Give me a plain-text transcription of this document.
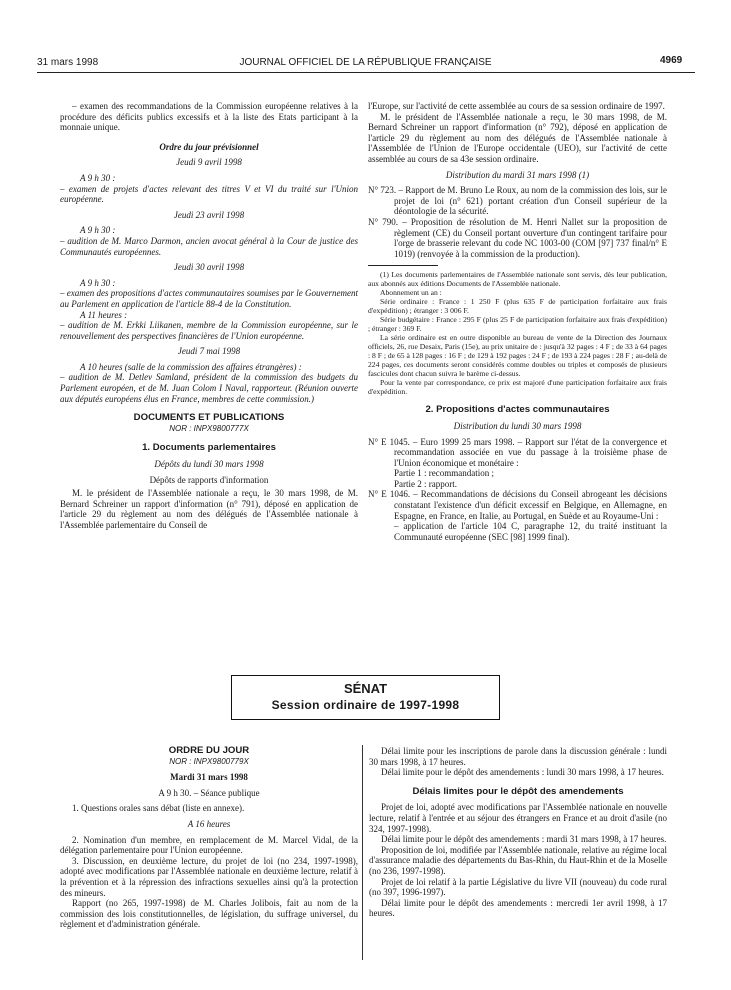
31 mars 1998	JOURNAL OFFICIEL DE LA RÉPUBLIQUE FRANÇAISE	4969

– examen des recommandations de la Commission européenne relatives à la procédure des déficits publics excessifs et à la liste des Etats participant à la monnaie unique.

Ordre du jour prévisionnel

Jeudi 9 avril 1998

A 9 h 30 :

– examen de projets d'actes relevant des titres V et VI du traité sur l'Union européenne.

Jeudi 23 avril 1998

A 9 h 30 :

– audition de M. Marco Darmon, ancien avocat général à la Cour de justice des Communautés européennes.

Jeudi 30 avril 1998

A 9 h 30 :

– examen des propositions d'actes communautaires soumises par le Gouvernement au Parlement en application de l'article 88-4 de la Constitution.

A 11 heures :

– audition de M. Erkki Liikanen, membre de la Commission européenne, sur le renouvellement des perspectives financières de l'Union européenne.

Jeudi 7 mai 1998

A 10 heures (salle de la commission des affaires étrangères) :

– audition de M. Detlev Samland, président de la commission des budgets du Parlement européen, et de M. Juan Colom I Naval, rapporteur. (Réunion ouverte aux députés européens élus en France, membres de cette commission.)

DOCUMENTS ET PUBLICATIONS

NOR : INPX9800777X

1. Documents parlementaires

Dépôts du lundi 30 mars 1998

Dépôts de rapports d'information

M. le président de l'Assemblée nationale a reçu, le 30 mars 1998, de M. Bernard Schreiner un rapport d'information (n° 791), déposé en application de l'article 29 du règlement au nom des délégués de l'Assemblée nationale à l'Assemblée parlementaire du Conseil de

l'Europe, sur l'activité de cette assemblée au cours de sa session ordinaire de 1997.

M. le président de l'Assemblée nationale a reçu, le 30 mars 1998, de M. Bernard Schreiner un rapport d'information (n° 792), déposé en application de l'article 29 du règlement au nom des délégués de l'Assemblée nationale à l'Assemblée de l'Union de l'Europe occidentale (UEO), sur l'activité de cette assemblée au cours de sa 43e session ordinaire.

Distribution du mardi 31 mars 1998 (1)

N° 723. – Rapport de M. Bruno Le Roux, au nom de la commission des lois, sur le projet de loi (n° 621) portant création d'un Conseil supérieur de la déontologie de la sécurité.

N° 790. – Proposition de résolution de M. Henri Nallet sur la proposition de règlement (CE) du Conseil portant ouverture d'un contingent tarifaire pour l'orge de brasserie relevant du code NC 1003-00 (COM [97] 737 final/n° E 1019) (renvoyée à la commission de la production).

(1) Les documents parlementaires de l'Assemblée nationale sont servis, dès leur publication, aux abonnés aux éditions Documents de l'Assemblée nationale.

Abonnement un an :

Série ordinaire : France : 1 250 F (plus 635 F de participation forfaitaire aux frais d'expédition) ; étranger : 3 006 F.

Série budgétaire : France : 295 F (plus 25 F de participation forfaitaire aux frais d'expédition) ; étranger : 369 F.

La série ordinaire est en outre disponible au bureau de vente de la Direction des Journaux officiels, 26, rue Desaix, Paris (15e), au prix unitaire de : jusqu'à 32 pages : 4 F ; de 33 à 64 pages : 8 F ; de 65 à 128 pages : 16 F ; de 129 à 192 pages : 24 F ; de 193 à 224 pages : 28 F ; au-delà de 224 pages, ces documents seront considérés comme doubles ou triples et composés de plusieurs fascicules dont chacun suivra le barème ci-dessus.

Pour la vente par correspondance, ce prix est majoré d'une participation forfaitaire aux frais d'expédition.

2. Propositions d'actes communautaires

Distribution du lundi 30 mars 1998

N° E 1045. – Euro 1999 25 mars 1998. – Rapport sur l'état de la convergence et recommandation associée en vue du passage à la troisième phase de l'Union économique et monétaire :

Partie 1 : recommandation ;

Partie 2 : rapport.

N° E 1046. – Recommandations de décisions du Conseil abrogeant les décisions constatant l'existence d'un déficit excessif en Belgique, en Allemagne, en Espagne, en France, en Italie, au Portugal, en Suède et au Royaume-Uni :

– application de l'article 104 C, paragraphe 12, du traité instituant la Communauté européenne (SEC [98] 1999 final).

SÉNAT
Session ordinaire de 1997-1998

ORDRE DU JOUR

NOR : INPX9800779X

Mardi 31 mars 1998

A 9 h 30. – Séance publique

1. Questions orales sans débat (liste en annexe).

A 16 heures

2. Nomination d'un membre, en remplacement de M. Marcel Vidal, de la délégation parlementaire pour l'Union européenne.

3. Discussion, en deuxième lecture, du projet de loi (no 234, 1997-1998), adopté avec modifications par l'Assemblée nationale en deuxième lecture, relatif à la prévention et à la répression des infractions sexuelles ainsi qu'à la protection des mineurs.

Rapport (no 265, 1997-1998) de M. Charles Jolibois, fait au nom de la commission des lois constitutionnelles, de législation, du suffrage universel, du règlement et d'administration générale.

Délai limite pour les inscriptions de parole dans la discussion générale : lundi 30 mars 1998, à 17 heures.

Délai limite pour le dépôt des amendements : lundi 30 mars 1998, à 17 heures.

Délais limites pour le dépôt des amendements

Projet de loi, adopté avec modifications par l'Assemblée nationale en nouvelle lecture, relatif à l'entrée et au séjour des étrangers en France et au droit d'asile (no 324, 1997-1998).

Délai limite pour le dépôt des amendements : mardi 31 mars 1998, à 17 heures.

Proposition de loi, modifiée par l'Assemblée nationale, relative au régime local d'assurance maladie des départements du Bas-Rhin, du Haut-Rhin et de la Moselle (no 236, 1997-1998).

Projet de loi relatif à la partie Législative du livre VII (nouveau) du code rural (no 397, 1996-1997).

Délai limite pour le dépôt des amendements : mercredi 1er avril 1998, à 17 heures.
